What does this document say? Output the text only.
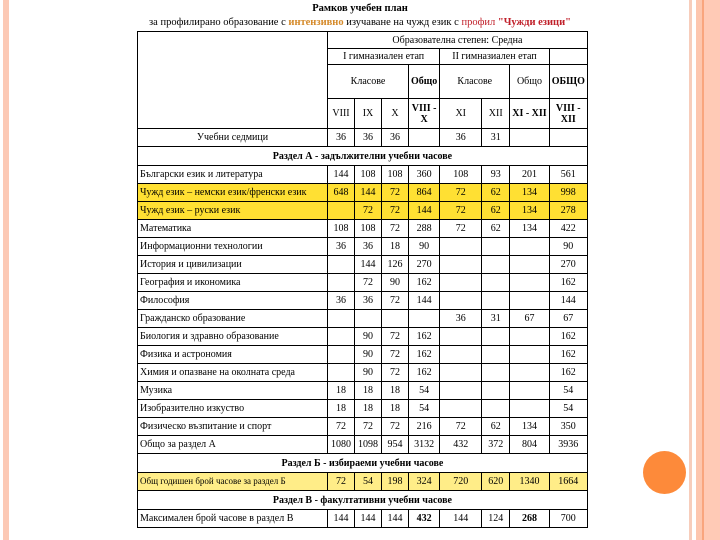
Рамков учебен план
за профилирано образование с интензивно изучаване на чужд език с профил "Чужди езици"
	Образователна степен: Средна							
	I гимназиален етап				II гимназиален етап			
	Класове			Общо	Класове		Общо	ОБЩО
	VIII	IX	X	VIII - X	XI	XII	XI - XII	VIII - XII
Учебни седмици	36	36	36		36	31		
Раздел А - задължителни учебни часове								
Български език и литература	144	108	108	360	108	93	201	561
Чужд език – немски език/френски език	648	144	72	864	72	62	134	998
Чужд език – руски език		72	72	144	72	62	134	278
Математика	108	108	72	288	72	62	134	422
Информационни технологии	36	36	18	90				90
История и цивилизации		144	126	270				270
География и икономика		72	90	162				162
Философия	36	36	72	144				144
Гражданско образование					36	31	67	67
Биология и здравно образование		90	72	162				162
Физика и астрономия		90	72	162				162
Химия и опазване на околната среда		90	72	162				162
Музика	18	18	18	54				54
Изобразително изкуство	18	18	18	54				54
Физическо възпитание и спорт	72	72	72	216	72	62	134	350
Общо за раздел А	1080	1098	954	3132	432	372	804	3936
Раздел Б - избираеми учебни часове								
Общ годишен брой часове за раздел Б	72	54	198	324	720	620	1340	1664
Раздел В - факултативни учебни часове								
Максимален брой часове в раздел В	144	144	144	432	144	124	268	700
